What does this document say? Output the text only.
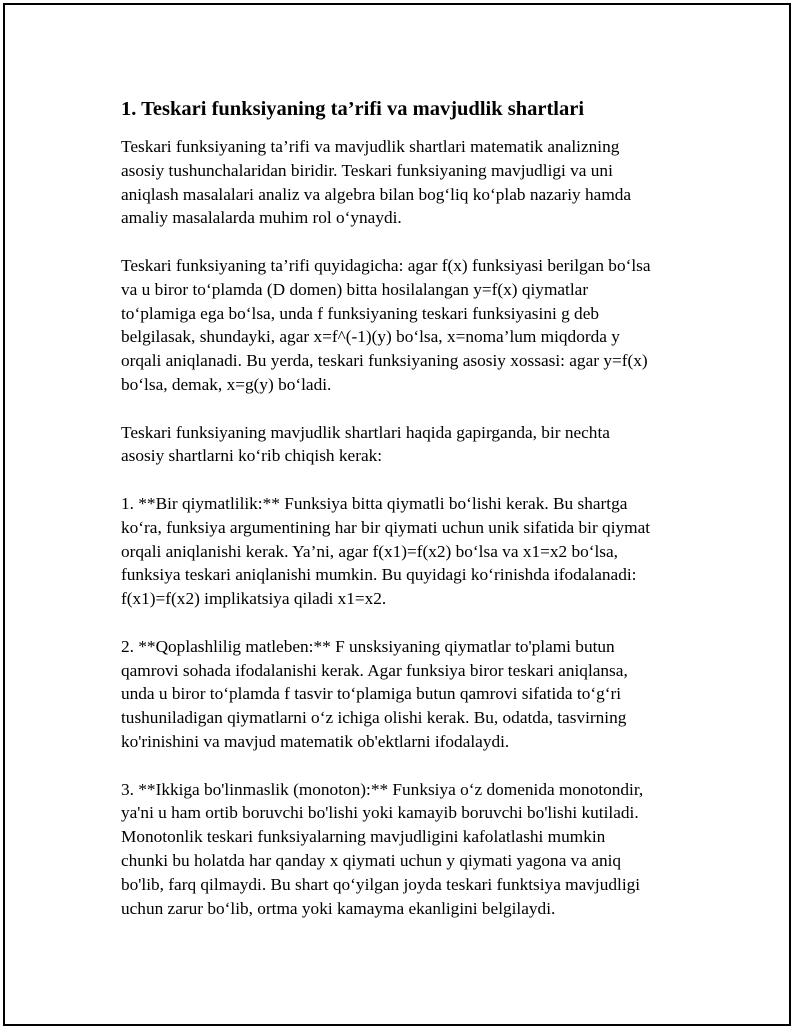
1. Teskari funksiyaning ta’rifi va mavjudlik shartlari

Teskari funksiyaning ta’rifi va mavjudlik shartlari matematik analizning
asosiy tushunchalaridan biridir. Teskari funksiyaning mavjudligi va uni
aniqlash masalalari analiz va algebra bilan bog‘liq ko‘plab nazariy hamda
amaliy masalalarda muhim rol o‘ynaydi.

Teskari funksiyaning ta’rifi quyidagicha: agar f(x) funksiyasi berilgan bo‘lsa
va u biror to‘plamda (D domen) bitta hosilalangan y=f(x) qiymatlar
to‘plamiga ega bo‘lsa, unda f funksiyaning teskari funksiyasini g deb
belgilasak, shundayki, agar x=f^(-1)(y) bo‘lsa, x=noma’lum miqdorda y
orqali aniqlanadi. Bu yerda, teskari funksiyaning asosiy xossasi: agar y=f(x)
bo‘lsa, demak, x=g(y) bo‘ladi.

Teskari funksiyaning mavjudlik shartlari haqida gapirganda, bir nechta
asosiy shartlarni ko‘rib chiqish kerak:

1. **Bir qiymatlilik:** Funksiya bitta qiymatli bo‘lishi kerak. Bu shartga
ko‘ra, funksiya argumentining har bir qiymati uchun unik sifatida bir qiymat
orqali aniqlanishi kerak. Ya’ni, agar f(x1)=f(x2) bo‘lsa va x1=x2 bo‘lsa,
funksiya teskari aniqlanishi mumkin. Bu quyidagi ko‘rinishda ifodalanadi:
f(x1)=f(x2) implikatsiya qiladi x1=x2.

2. **Qoplashlilig matleben:** F unsksiyaning qiymatlar to'plami butun
qamrovi sohada ifodalanishi kerak. Agar funksiya biror teskari aniqlansa,
unda u biror to‘plamda f tasvir to‘plamiga butun qamrovi sifatida to‘g‘ri
tushuniladigan qiymatlarni o‘z ichiga olishi kerak. Bu, odatda, tasvirning
ko'rinishini va mavjud matematik ob'ektlarni ifodalaydi.

3. **Ikkiga bo'linmaslik (monoton):** Funksiya o‘z domenida monotondir,
ya'ni u ham ortib boruvchi bo'lishi yoki kamayib boruvchi bo'lishi kutiladi.
Monotonlik teskari funksiyalarning mavjudligini kafolatlashi mumkin
chunki bu holatda har qanday x qiymati uchun y qiymati yagona va aniq
bo'lib, farq qilmaydi. Bu shart qo‘yilgan joyda teskari funktsiya mavjudligi
uchun zarur bo‘lib, ortma yoki kamayma ekanligini belgilaydi.
